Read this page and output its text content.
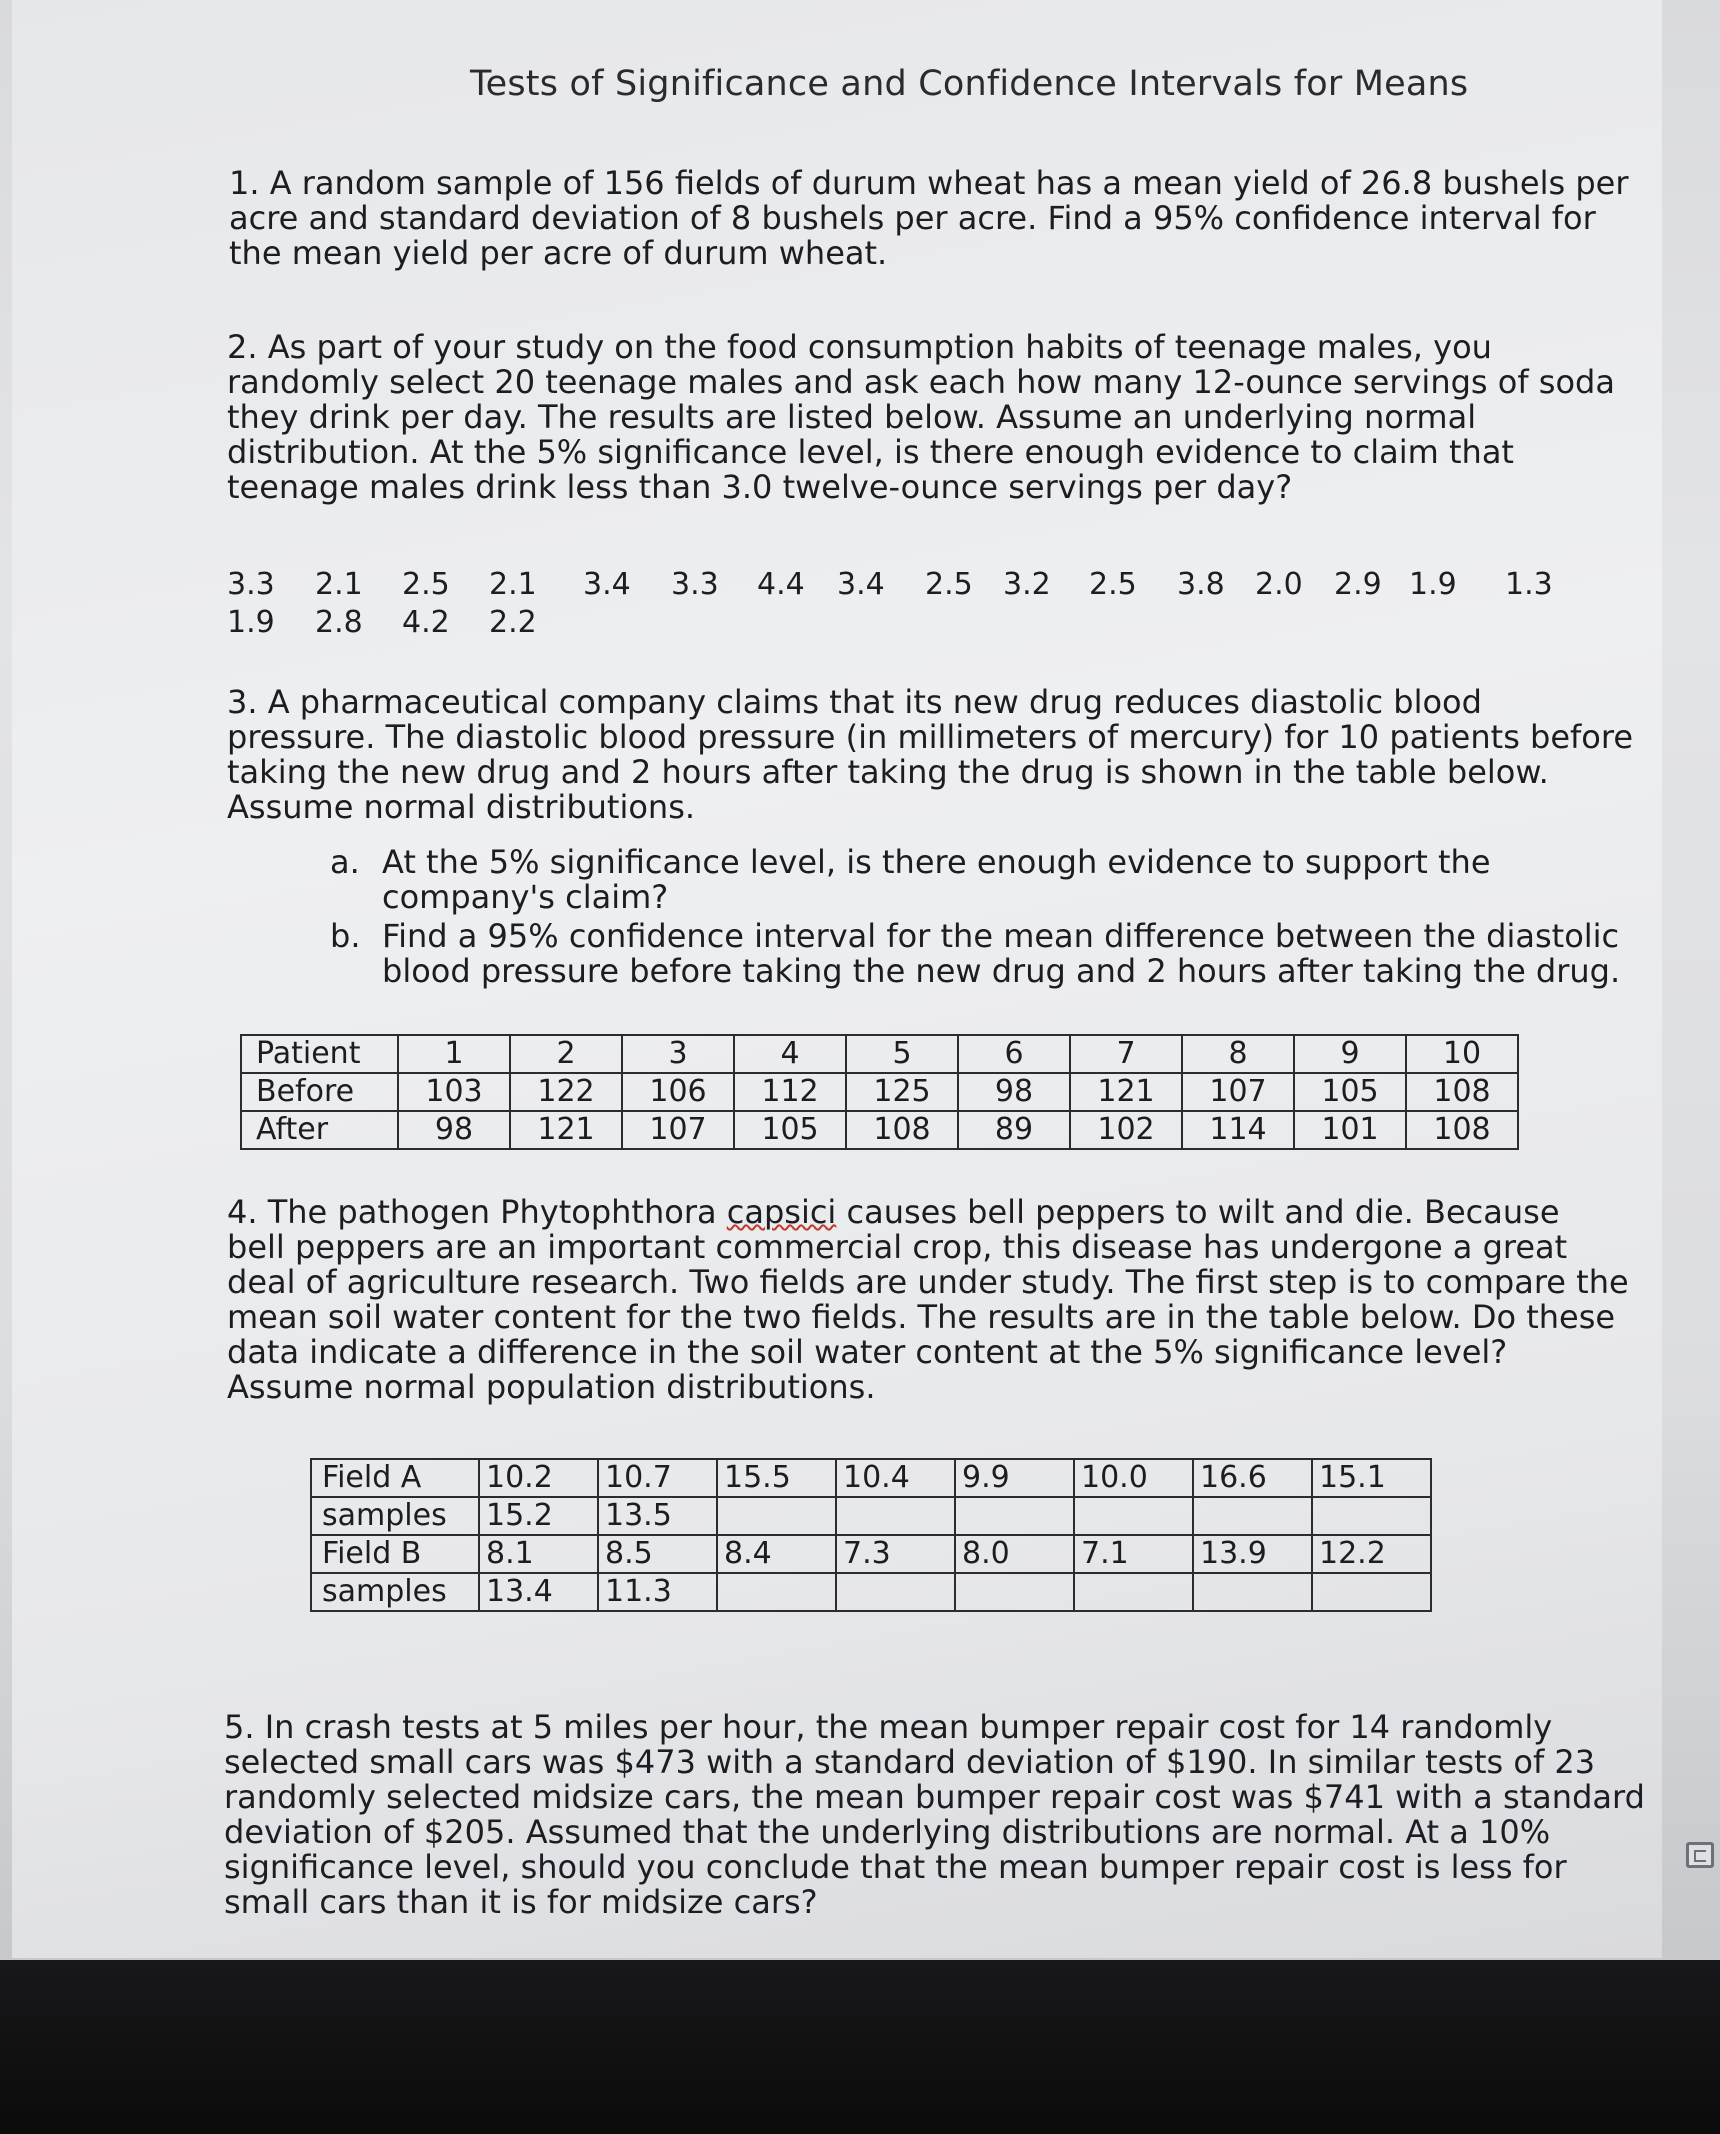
Tests of Significance and Confidence Intervals for Means

1. A random sample of 156 fields of durum wheat has a mean yield of 26.8 bushels per

acre and standard deviation of 8 bushels per acre. Find a 95% confidence interval for

the mean yield per acre of durum wheat.

2. As part of your study on the food consumption habits of teenage males, you

randomly select 20 teenage males and ask each how many 12-ounce servings of soda

they drink per day. The results are listed below. Assume an underlying normal

distribution. At the 5% significance level, is there enough evidence to claim that

teenage males drink less than 3.0 twelve-ounce servings per day?

3.3 2.1 2.5 2.1 3.4 3.3 4.4 3.4 2.5 3.2 2.5 3.8 2.0 2.9 1.9 1.3
1.9 2.8 4.2 2.2

3. A pharmaceutical company claims that its new drug reduces diastolic blood

pressure. The diastolic blood pressure (in millimeters of mercury) for 10 patients before

taking the new drug and 2 hours after taking the drug is shown in the table below.

Assume normal distributions.

a. At the 5% significance level, is there enough evidence to support the

company's claim?

b. Find a 95% confidence interval for the mean difference between the diastolic

blood pressure before taking the new drug and 2 hours after taking the drug.

Patient	1	2	3	4	5	6	7	8	9	10
Before	103	122	106	112	125	98	121	107	105	108
After	98	121	107	105	108	89	102	114	101	108

4. The pathogen Phytophthora capsici causes bell peppers to wilt and die. Because

bell peppers are an important commercial crop, this disease has undergone a great

deal of agriculture research. Two fields are under study. The first step is to compare the

mean soil water content for the two fields. The results are in the table below. Do these

data indicate a difference in the soil water content at the 5% significance level?

Assume normal population distributions.

Field A	10.2	10.7	15.5	10.4	9.9	10.0	16.6	15.1
samples	15.2	13.5						
Field B	8.1	8.5	8.4	7.3	8.0	7.1	13.9	12.2
samples	13.4	11.3						

5. In crash tests at 5 miles per hour, the mean bumper repair cost for 14 randomly

selected small cars was $473 with a standard deviation of $190. In similar tests of 23

randomly selected midsize cars, the mean bumper repair cost was $741 with a standard

deviation of $205. Assumed that the underlying distributions are normal. At a 10%

significance level, should you conclude that the mean bumper repair cost is less for

small cars than it is for midsize cars?
